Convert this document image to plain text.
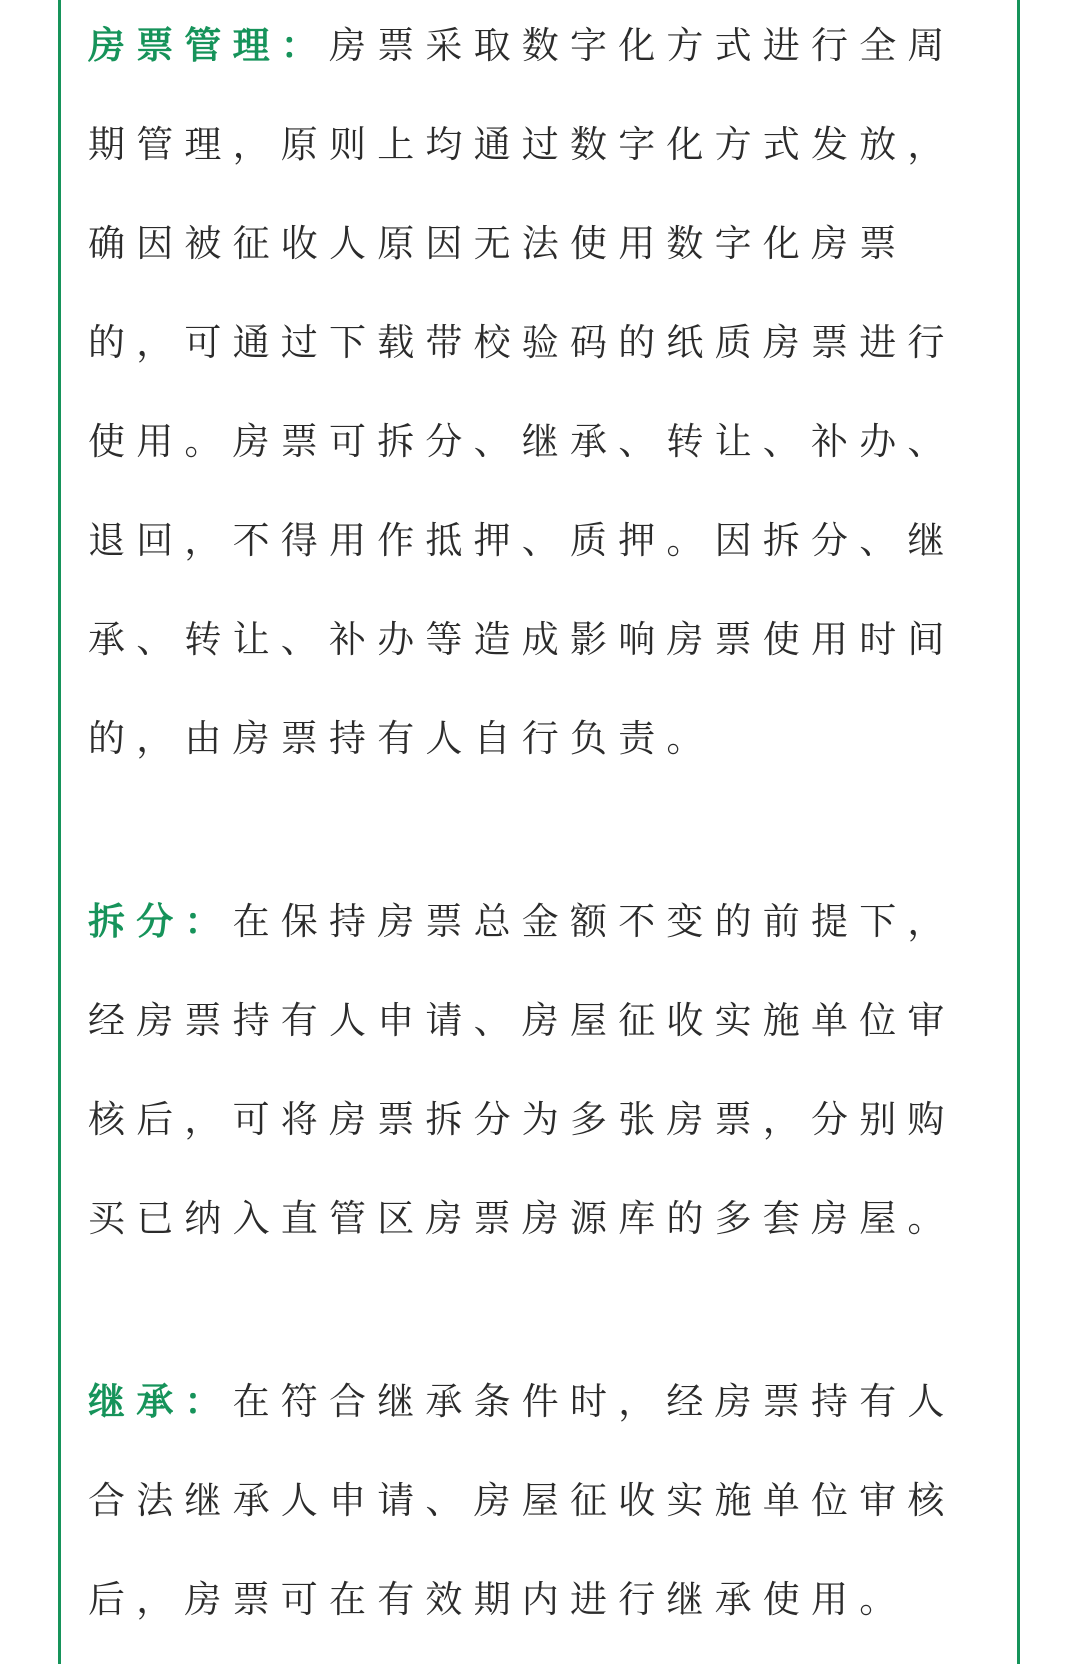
房票管理：房票采取数字化方式进行全周
期管理，原则上均通过数字化方式发放，
确因被征收人原因无法使用数字化房票
的，可通过下载带校验码的纸质房票进行
使用。房票可拆分、继承、转让、补办、
退回，不得用作抵押、质押。因拆分、继
承、转让、补办等造成影响房票使用时间
的，由房票持有人自行负责。
拆分：在保持房票总金额不变的前提下，
经房票持有人申请、房屋征收实施单位审
核后，可将房票拆分为多张房票，分别购
买已纳入直管区房票房源库的多套房屋。
继承：在符合继承条件时，经房票持有人
合法继承人申请、房屋征收实施单位审核
后，房票可在有效期内进行继承使用。
